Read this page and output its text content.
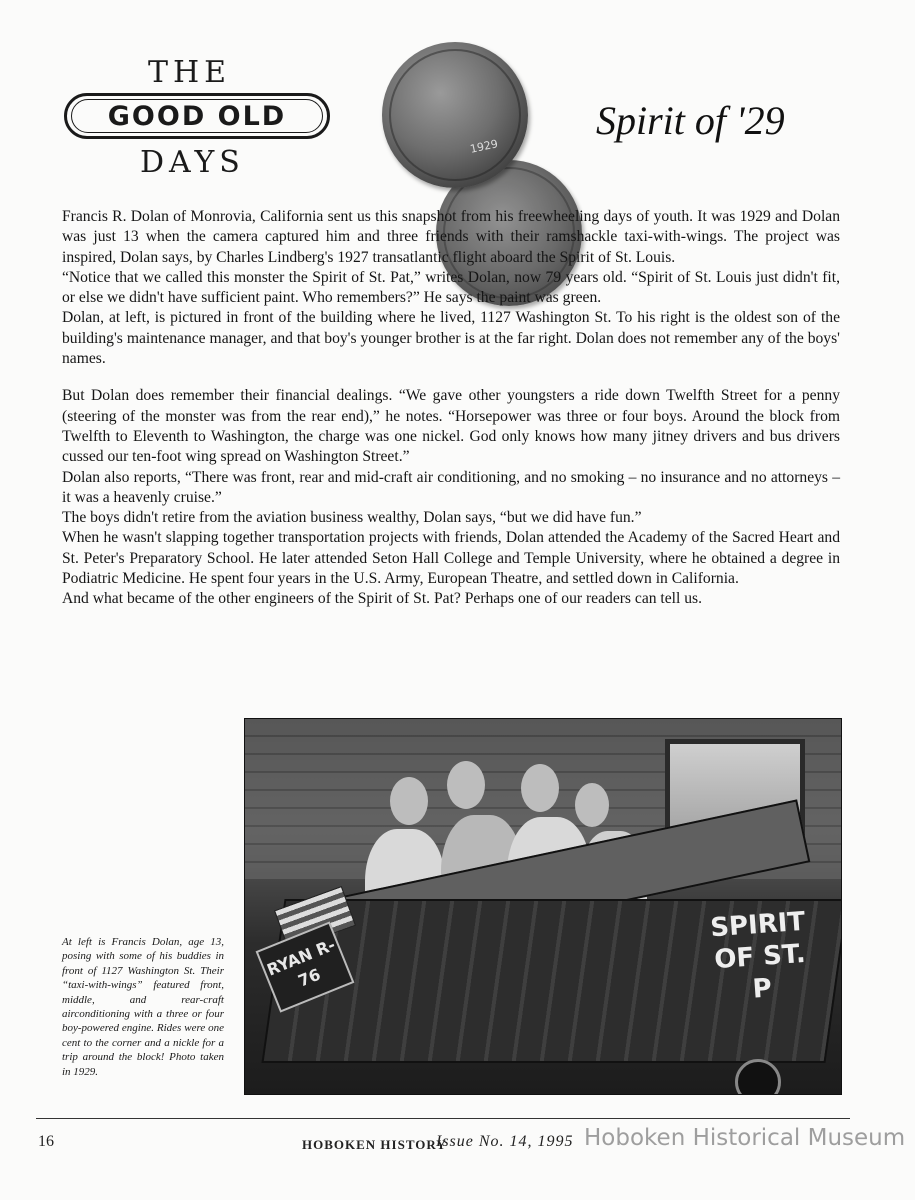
THE
GOOD OLD
DAYS	1929
Spirit of '29

Francis R. Dolan of Monrovia, California sent us this snapshot from his freewheeling days of youth. It was 1929 and Dolan was just 13 when the camera captured him and three friends with their ramshackle taxi-with-wings. The project was inspired, Dolan says, by Charles Lindberg's 1927 transatlantic flight aboard the Spirit of St. Louis.

“Notice that we called this monster the Spirit of St. Pat,” writes Dolan, now 79 years old. “Spirit of St. Louis just didn't fit, or else we didn't have sufficient paint. Who remembers?” He says the paint was green.

Dolan, at left, is pictured in front of the building where he lived, 1127 Washington St. To his right is the oldest son of the building's maintenance manager, and that boy's younger brother is at the far right. Dolan does not remember any of the boys' names.

But Dolan does remember their financial dealings. “We gave other youngsters a ride down Twelfth Street for a penny (steering of the monster was from the rear end),” he notes. “Horsepower was three or four boys. Around the block from Twelfth to Eleventh to Washington, the charge was one nickel. God only knows how many jitney drivers and bus drivers cussed our ten-foot wing spread on Washington Street.”

Dolan also reports, “There was front, rear and mid-craft air conditioning, and no smoking – no insurance and no attorneys – it was a heavenly cruise.”

The boys didn't retire from the aviation business wealthy, Dolan says, “but we did have fun.”

When he wasn't slapping together transportation projects with friends, Dolan attended the Academy of the Sacred Heart and St. Peter's Preparatory School. He later attended Seton Hall College and Temple University, where he obtained a degree in Podiatric Medicine. He spent four years in the U.S. Army, European Theatre, and settled down in California.

And what became of the other engineers of the Spirit of St. Pat? Perhaps one of our readers can tell us.

RYAN R-76
SPIRIT OF ST. P
At left is Francis Dolan, age 13, posing with some of his buddies in front of 1127 Washington St. Their “taxi-with-wings” featured front, middle, and rear-craft airconditioning with a three or four boy-powered engine. Rides were one cent to the corner and a nickle for a trip around the block! Photo taken in 1929.
16	HOBOKEN HISTORY
Issue No. 14, 1995 Hoboken Historical Museum
